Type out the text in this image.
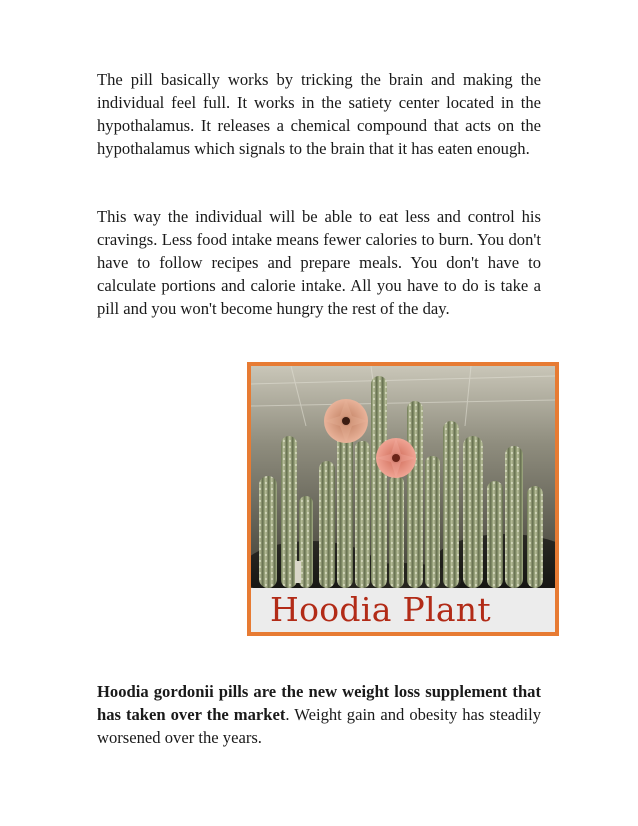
The pill basically works by tricking the brain and making the individual feel full. It works in the satiety center located in the hypothalamus. It releases a chemical compound that acts on the hypothalamus which signals to the brain that it has eaten enough.

This way the individual will be able to eat less and control his cravings. Less food intake means fewer calories to burn. You don't have to follow recipes and prepare meals. You don't have to calculate portions and calorie intake. All you have to do is take a pill and you won't become hungry the rest of the day.

Hoodia Plant

Hoodia gordonii pills are the new weight loss supplement that has taken over the market. Weight gain and obesity has steadily worsened over the years.
